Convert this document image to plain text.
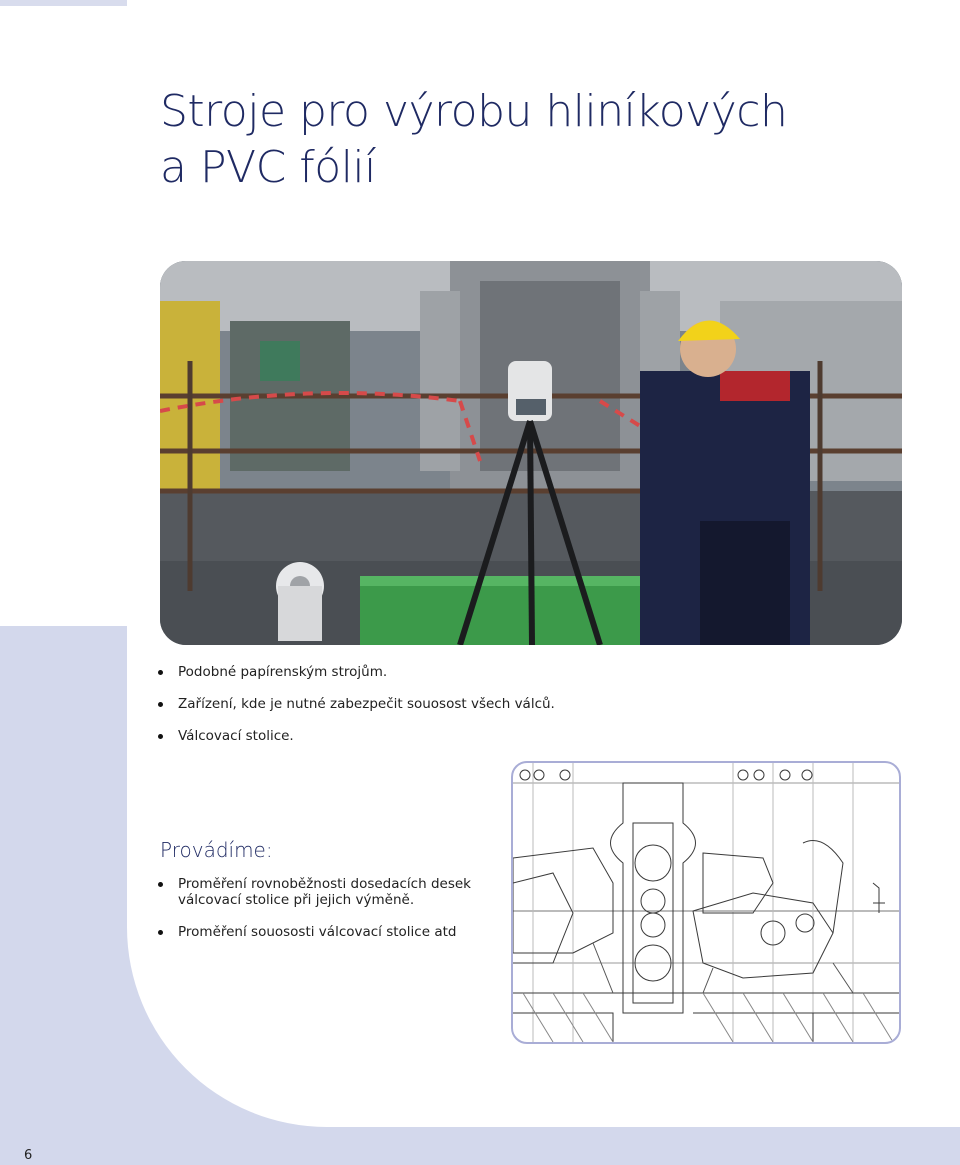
Stroje pro výrobu hliníkových
a PVC fólií
Podobné papírenským strojům.
Zařízení, kde je nutné zabezpečit souosost všech válců.
Válcovací stolice.
Provádíme:
Proměření rovnoběžnosti dosedacích desek
válcovací stolice při jejich výměně.
Proměření souososti válcovací stolice atd
6
